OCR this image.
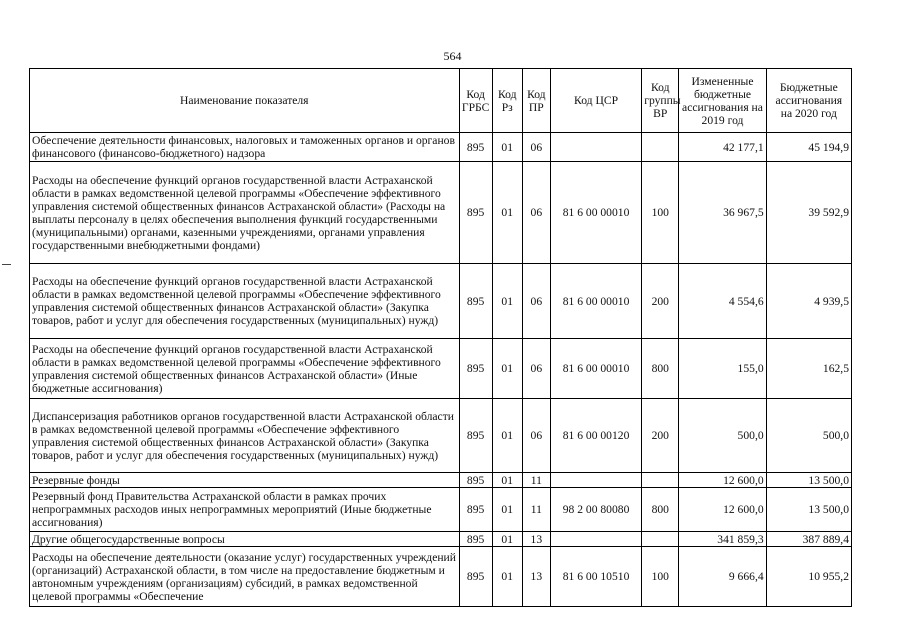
564
Наименование показателя	Код ГРБС	Код Рз	Код ПР	Код ЦСР	Код группы ВР	Измененные бюджетные ассигнования на 2019 год	Бюджетные ассигнования на 2020 год
Обеспечение деятельности финансовых, налоговых и таможенных органов и органов финансового (финансово-бюджетного) надзора	895	01	06			42 177,1	45 194,9
Расходы на обеспечение функций органов государственной власти Астраханской области в рамках ведомственной целевой программы «Обеспечение эффективного управления системой общественных финансов Астраханской области» (Расходы на выплаты персоналу в целях обеспечения выполнения функций государственными (муниципальными) органами, казенными учреждениями, органами управления государственными внебюджетными фондами)	895	01	06	81 6 00 00010	100	36 967,5	39 592,9
Расходы на обеспечение функций органов государственной власти Астраханской области в рамках ведомственной целевой программы «Обеспечение эффективного управления системой общественных финансов Астраханской области» (Закупка товаров, работ и услуг для обеспечения государственных (муниципальных) нужд)	895	01	06	81 6 00 00010	200	4 554,6	4 939,5
Расходы на обеспечение функций органов государственной власти Астраханской области в рамках ведомственной целевой программы «Обеспечение эффективного управления системой общественных финансов Астраханской области» (Иные бюджетные ассигнования)	895	01	06	81 6 00 00010	800	155,0	162,5
Диспансеризация работников органов государственной власти Астраханской области в рамках ведомственной целевой программы «Обеспечение эффективного управления системой общественных финансов Астраханской области» (Закупка товаров, работ и услуг для обеспечения государственных (муниципальных) нужд)	895	01	06	81 6 00 00120	200	500,0	500,0
Резервные фонды	895	01	11			12 600,0	13 500,0
Резервный фонд Правительства Астраханской области в рамках прочих непрограммных расходов иных непрограммных мероприятий (Иные бюджетные ассигнования)	895	01	11	98 2 00 80080	800	12 600,0	13 500,0
Другие общегосударственные вопросы	895	01	13			341 859,3	387 889,4
Расходы на обеспечение деятельности (оказание услуг) государственных учреждений (организаций) Астраханской области, в том числе на предоставление бюджетным и автономным учреждениям (организациям) субсидий, в рамках ведомственной целевой программы «Обеспечение	895	01	13	81 6 00 10510	100	9 666,4	10 955,2
